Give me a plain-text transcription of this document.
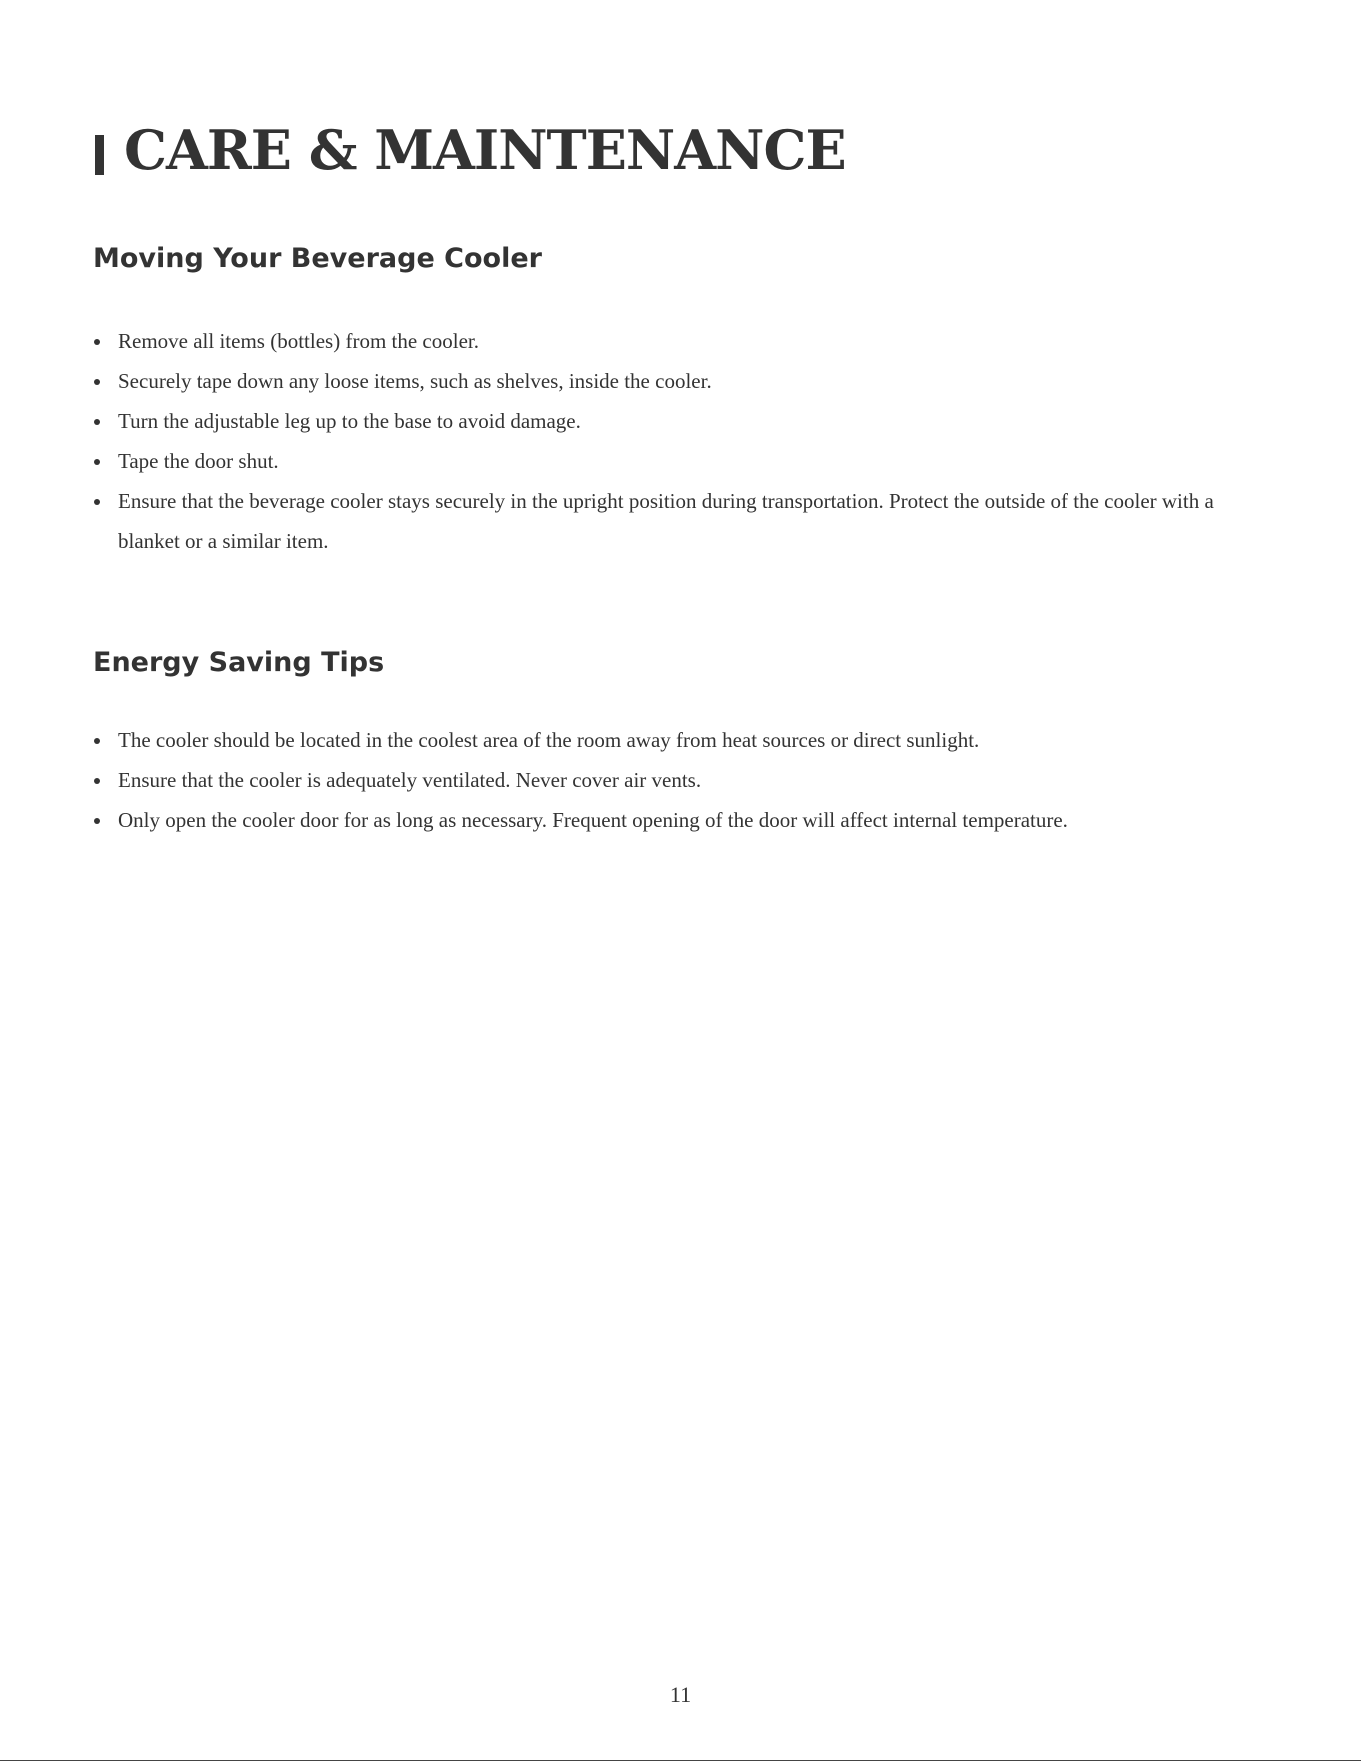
CARE & MAINTENANCE
Moving Your Beverage Cooler
Remove all items (bottles) from the cooler.
Securely tape down any loose items, such as shelves, inside the cooler.
Turn the adjustable leg up to the base to avoid damage.
Tape the door shut.
Ensure that the beverage cooler stays securely in the upright position during transportation. Protect the outside of the cooler with a blanket or a similar item.
Energy Saving Tips
The cooler should be located in the coolest area of the room away from heat sources or direct sunlight.
Ensure that the cooler is adequately ventilated. Never cover air vents.
Only open the cooler door for as long as necessary. Frequent opening of the door will affect internal temperature.
11
